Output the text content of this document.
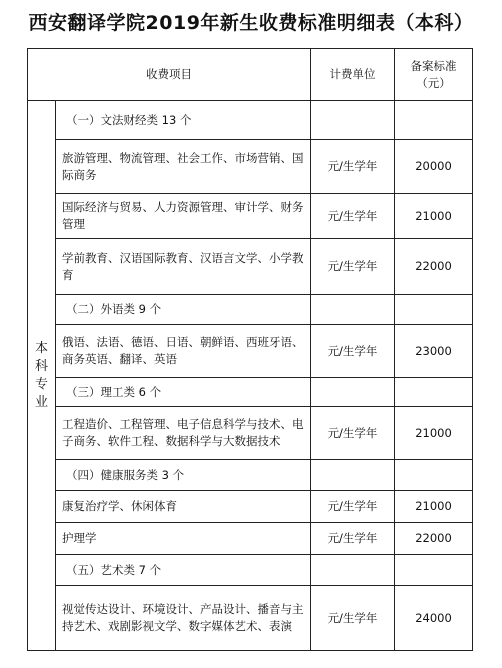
西安翻译学院2019年新生收费标准明细表（本科）
收费项目		计费单位	备案标准
（元）

本科专业	（一）文法财经类 13 个		
	旅游管理、物流管理、社会工作、市场营销、国际商务	元/生学年	20000
	国际经济与贸易、人力资源管理、审计学、财务管理	元/生学年	21000
	学前教育、汉语国际教育、汉语言文学、小学教育	元/生学年	22000
	（二）外语类 9 个		
	俄语、法语、德语、日语、朝鲜语、西班牙语、商务英语、翻译、英语	元/生学年	23000
	（三）理工类 6 个		
	工程造价、工程管理、电子信息科学与技术、电子商务、软件工程、数据科学与大数据技术	元/生学年	21000
	（四）健康服务类 3 个		
	康复治疗学、休闲体育	元/生学年	21000
	护理学	元/生学年	22000
	（五）艺术类 7 个		
	视觉传达设计、环境设计、产品设计、播音与主持艺术、戏剧影视文学、数字媒体艺术、表演	元/生学年	24000
